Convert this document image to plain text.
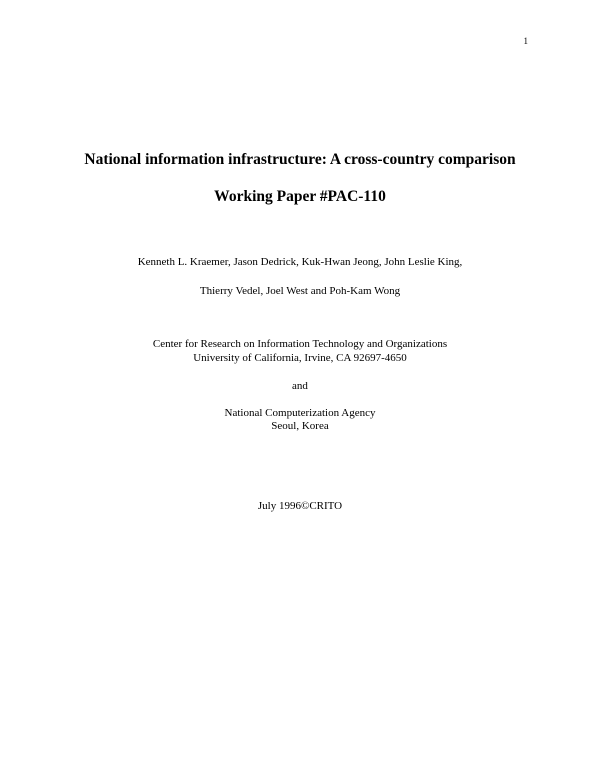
1
National information infrastructure: A cross-country comparison
Working Paper #PAC-110
Kenneth L. Kraemer, Jason Dedrick, Kuk-Hwan Jeong, John Leslie King,
Thierry Vedel, Joel West and Poh-Kam Wong
Center for Research on Information Technology and Organizations
University of California, Irvine, CA 92697-4650
and
National Computerization Agency
Seoul, Korea
July 1996©CRITO
